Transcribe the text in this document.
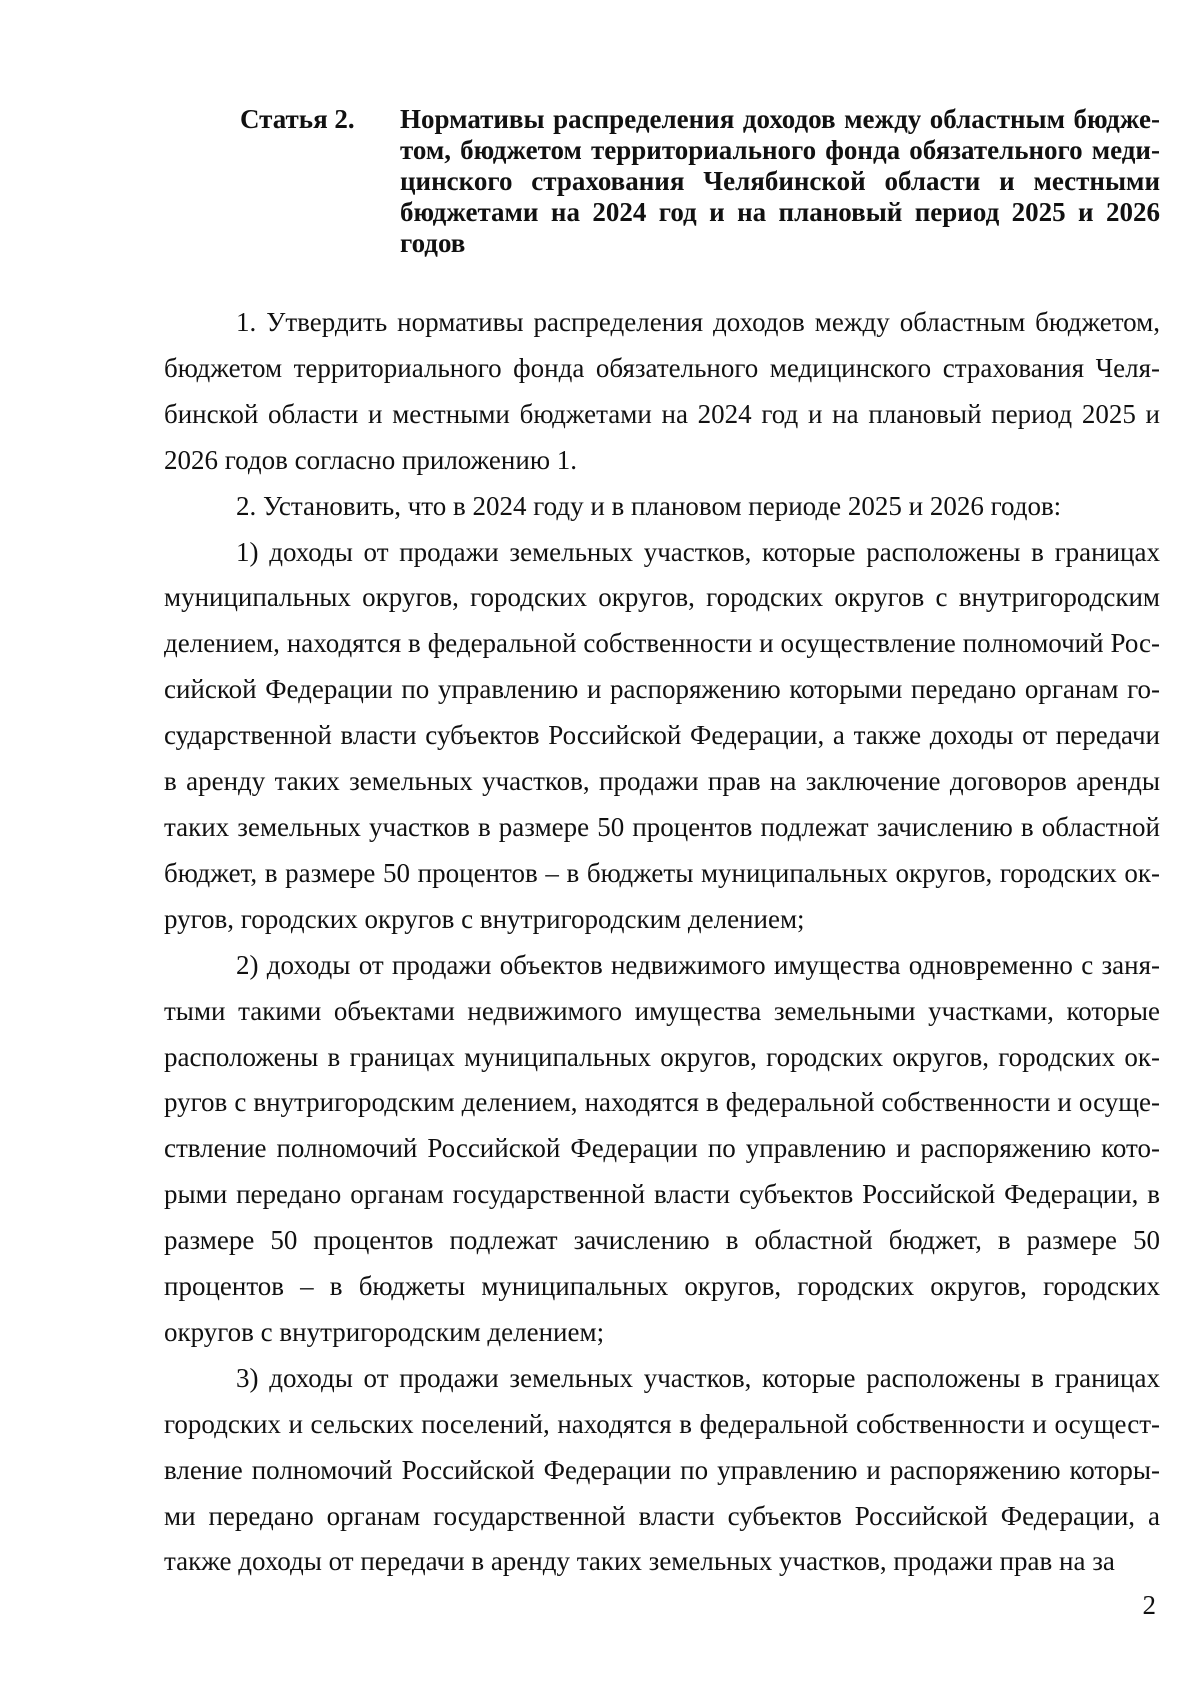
Статья 2.	Нормативы распределения доходов между областным бюджетом, бюджетом территориального фонда обязательного медицинского страхования Челябинской области и местными бюджетами на 2024 год и на плановый период 2025 и 2026 годов

1. Утвердить нормативы распределения доходов между областным бюджетом, бюджетом территориального фонда обязательного медицинского страхования Челябинской области и местными бюджетами на 2024 год и на плановый период 2025 и 2026 годов согласно приложению 1.

2. Установить, что в 2024 году и в плановом периоде 2025 и 2026 годов:

1) доходы от продажи земельных участков, которые расположены в границах муниципальных округов, городских округов, городских округов с внутригородским делением, находятся в федеральной собственности и осуществление полномочий Российской Федерации по управлению и распоряжению которыми передано органам государственной власти субъектов Российской Федерации, а также доходы от передачи в аренду таких земельных участков, продажи прав на заключение договоров аренды таких земельных участков в размере 50 процентов подлежат зачислению в областной бюджет, в размере 50 процентов – в бюджеты муниципальных округов, городских округов, городских округов с внутригородским делением;

2) доходы от продажи объектов недвижимого имущества одновременно с занятыми такими объектами недвижимого имущества земельными участками, которые расположены в границах муниципальных округов, городских округов, городских округов с внутригородским делением, находятся в федеральной собственности и осуществление полномочий Российской Федерации по управлению и распоряжению которыми передано органам государственной власти субъектов Российской Федерации, в размере 50 процентов подлежат зачислению в областной бюджет, в размере 50 процентов – в бюджеты муниципальных округов, городских округов, городских округов с внутригородским делением;

3) доходы от продажи земельных участков, которые расположены в границах городских и сельских поселений, находятся в федеральной собственности и осуществление полномочий Российской Федерации по управлению и распоряжению которыми передано органам государственной власти субъектов Российской Федерации, а также доходы от передачи в аренду таких земельных участков, продажи прав на за

2
